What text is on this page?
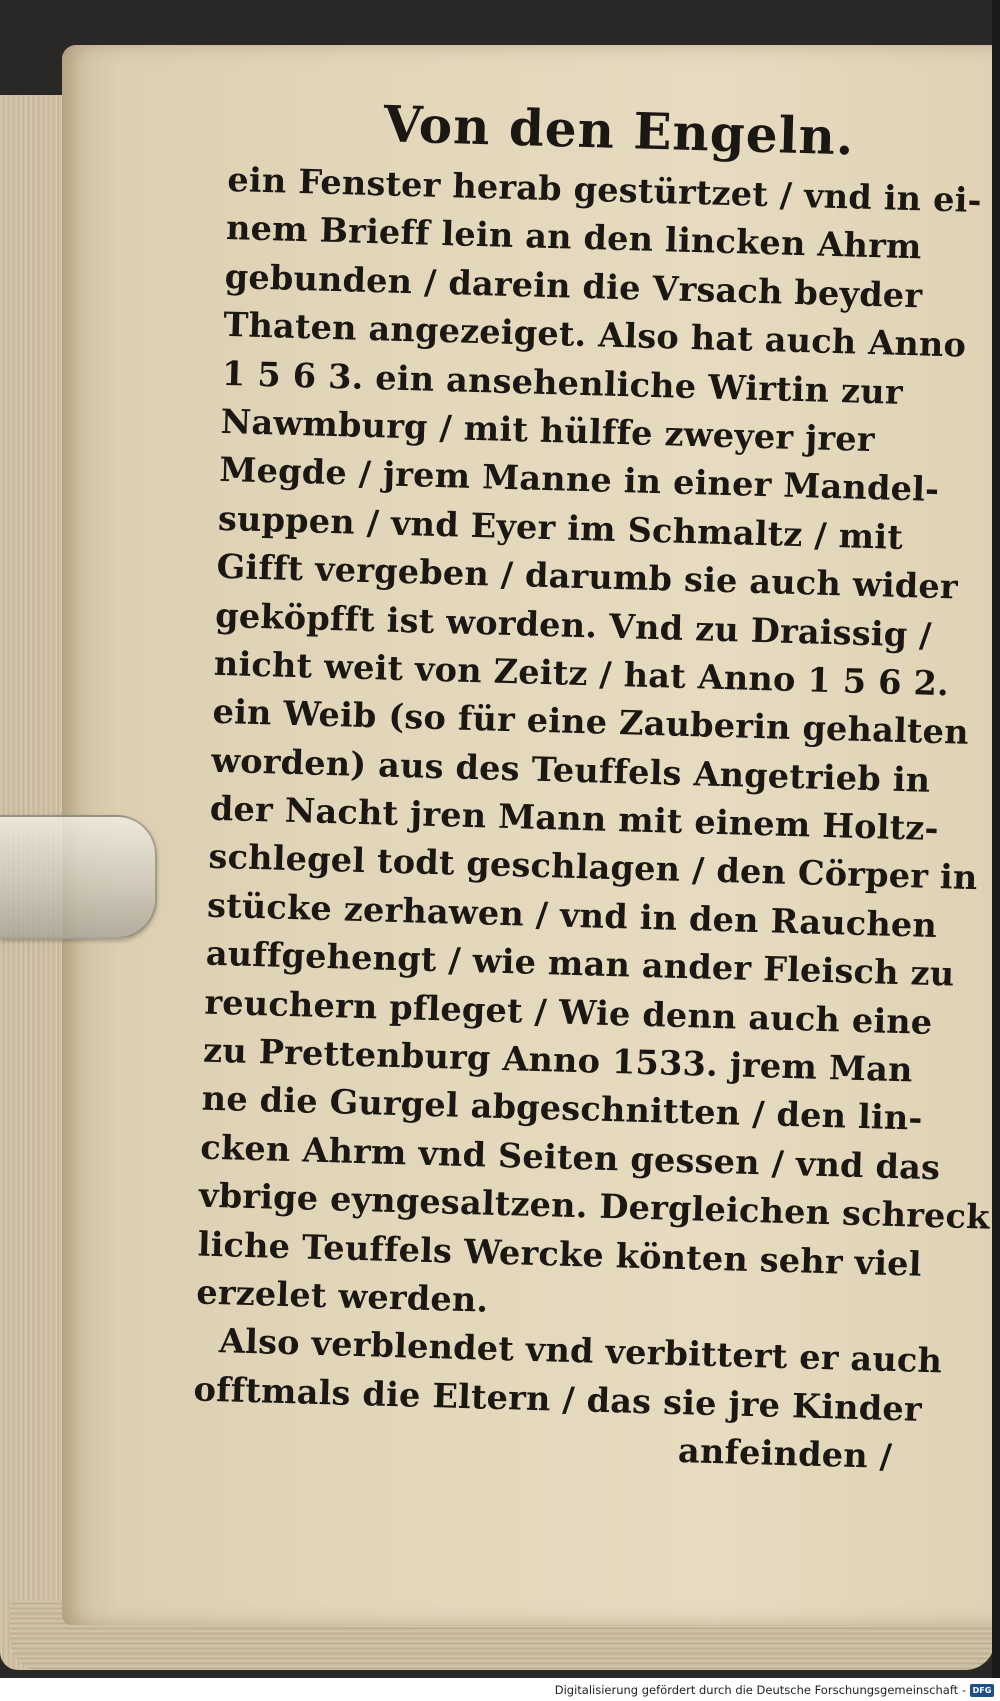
Von den Engeln.
ein Fenster herab gestürtzet / vnd in ei-
nem Brieff lein an den lincken Ahrm
gebunden / darein die Vrsach beyder
Thaten angezeiget. Also hat auch Anno
1 5 6 3. ein ansehenliche Wirtin zur
Nawmburg / mit hülffe zweyer jrer
Megde / jrem Manne in einer Mandel-
suppen / vnd Eyer im Schmaltz / mit
Gifft vergeben / darumb sie auch wider
geköpfft ist worden. Vnd zu Draissig /
nicht weit von Zeitz / hat Anno 1 5 6 2.
ein Weib (so für eine Zauberin gehalten
worden) aus des Teuffels Angetrieb in
der Nacht jren Mann mit einem Holtz-
schlegel todt geschlagen / den Cörper in
stücke zerhawen / vnd in den Rauchen
auffgehengt / wie man ander Fleisch zu
reuchern pfleget / Wie denn auch eine
zu Prettenburg Anno 1533. jrem Man
ne die Gurgel abgeschnitten / den lin-
cken Ahrm vnd Seiten gessen / vnd das
vbrige eyngesaltzen. Dergleichen schreck
liche Teuffels Wercke könten sehr viel
erzelet werden.
Also verblendet vnd verbittert er auch
offtmals die Eltern / das sie jre Kinder
anfeinden /
Digitalisierung gefördert durch die Deutsche Forschungsgemeinschaft - DFG
